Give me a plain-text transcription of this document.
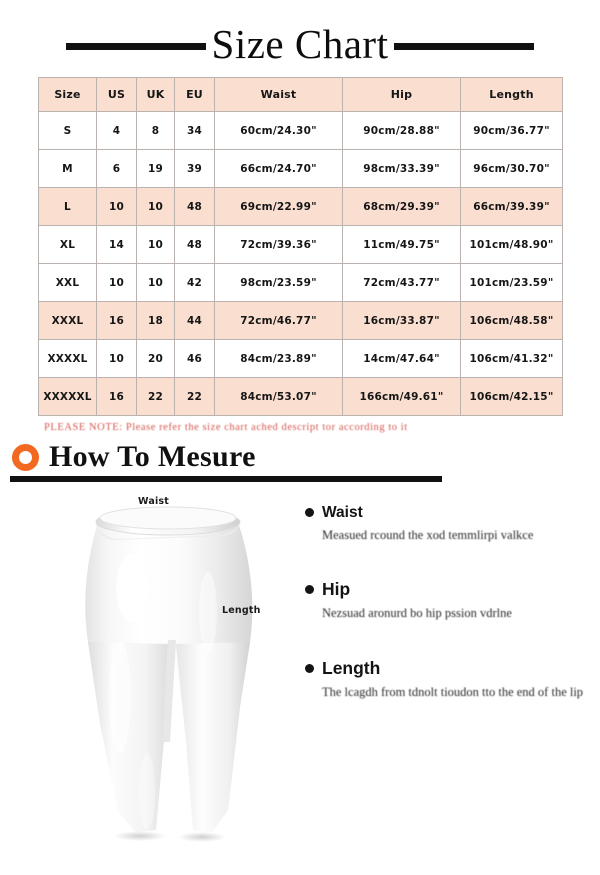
Size Chart
Size	US	UK	EU	Waist	Hip	Length
S	4	8	34	60cm/24.30"	90cm/28.88"	90cm/36.77"
M	6	19	39	66cm/24.70"	98cm/33.39"	96cm/30.70"
L	10	10	48	69cm/22.99"	68cm/29.39"	66cm/39.39"
XL	14	10	48	72cm/39.36"	11cm/49.75"	101cm/48.90"
XXL	10	10	42	98cm/23.59"	72cm/43.77"	101cm/23.59"
XXXL	16	18	44	72cm/46.77"	16cm/33.87"	106cm/48.58"
XXXXL	10	20	46	84cm/23.89"	14cm/47.64"	106cm/41.32"
XXXXXL	16	22	22	84cm/53.07"	166cm/49.61"	106cm/42.15"
PLEASE NOTE: Please refer the size chart ached descript tor according to it
How To Mesure
Waist
Length
Waist
Measued rcound the xod temmlirpi valkce
Hip
Nezsuad aronurd bo hip pssion vdrlne
Length
The lcagdh from tdnolt tioudon tto the end of the lip
